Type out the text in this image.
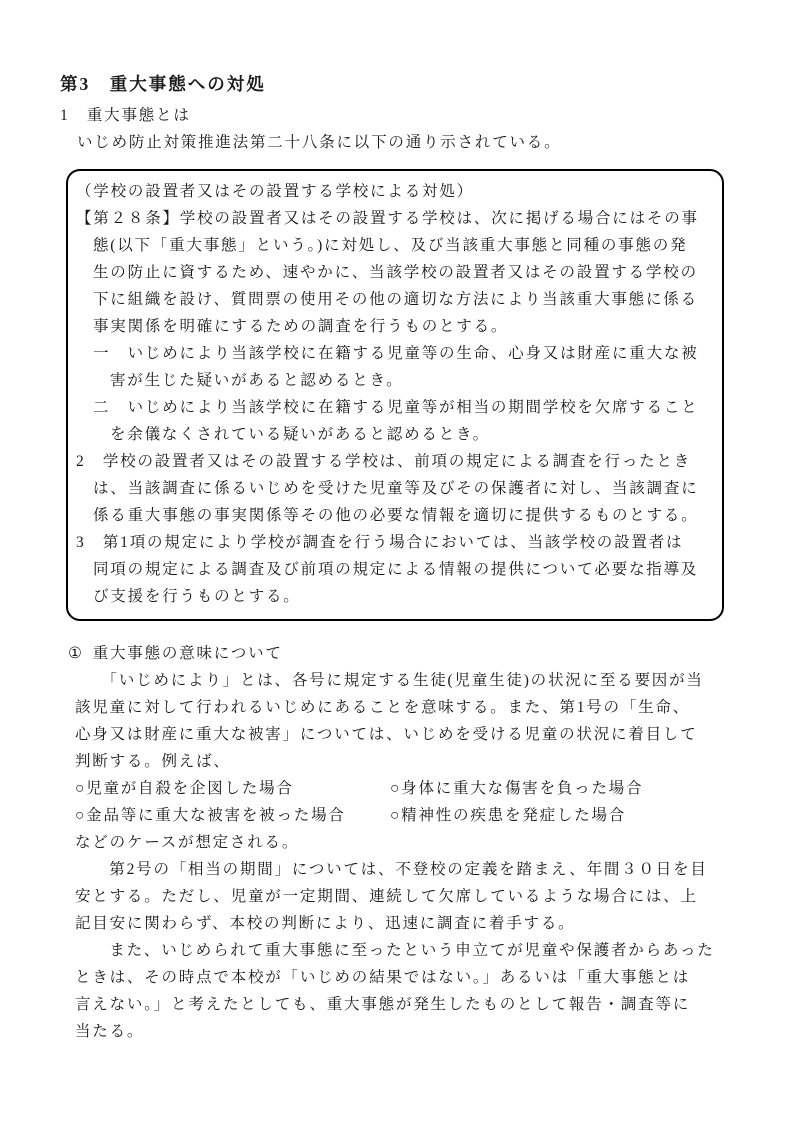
第3　重大事態への対処
1　重大事態とは
いじめ防止対策推進法第二十八条に以下の通り示されている。
（学校の設置者又はその設置する学校による対処）
【第２８条】学校の設置者又はその設置する学校は、次に掲げる場合にはその事
態(以下「重大事態」という。)に対処し、及び当該重大事態と同種の事態の発
生の防止に資するため、速やかに、当該学校の設置者又はその設置する学校の
下に組織を設け、質問票の使用その他の適切な方法により当該重大事態に係る
事実関係を明確にするための調査を行うものとする。
一　いじめにより当該学校に在籍する児童等の生命、心身又は財産に重大な被
害が生じた疑いがあると認めるとき。
二　いじめにより当該学校に在籍する児童等が相当の期間学校を欠席すること
を余儀なくされている疑いがあると認めるとき。
2　学校の設置者又はその設置する学校は、前項の規定による調査を行ったとき
は、当該調査に係るいじめを受けた児童等及びその保護者に対し、当該調査に
係る重大事態の事実関係等その他の必要な情報を適切に提供するものとする。
3　第1項の規定により学校が調査を行う場合においては、当該学校の設置者は
同項の規定による調査及び前項の規定による情報の提供について必要な指導及
び支援を行うものとする。
① 重大事態の意味について
　「いじめにより」とは、各号に規定する生徒(児童生徒)の状況に至る要因が当
該児童に対して行われるいじめにあることを意味する。また、第1号の「生命、
心身又は財産に重大な被害」については、いじめを受ける児童の状況に着目して
判断する。例えば、
○児童が自殺を企図した場合	○身体に重大な傷害を負った場合
○金品等に重大な被害を被った場合	○精神性の疾患を発症した場合
などのケースが想定される。
　第2号の「相当の期間」については、不登校の定義を踏まえ、年間３０日を目
安とする。ただし、児童が一定期間、連続して欠席しているような場合には、上
記目安に関わらず、本校の判断により、迅速に調査に着手する。
　また、いじめられて重大事態に至ったという申立てが児童や保護者からあった
ときは、その時点で本校が「いじめの結果ではない。」あるいは「重大事態とは
言えない。」と考えたとしても、重大事態が発生したものとして報告・調査等に
当たる。
